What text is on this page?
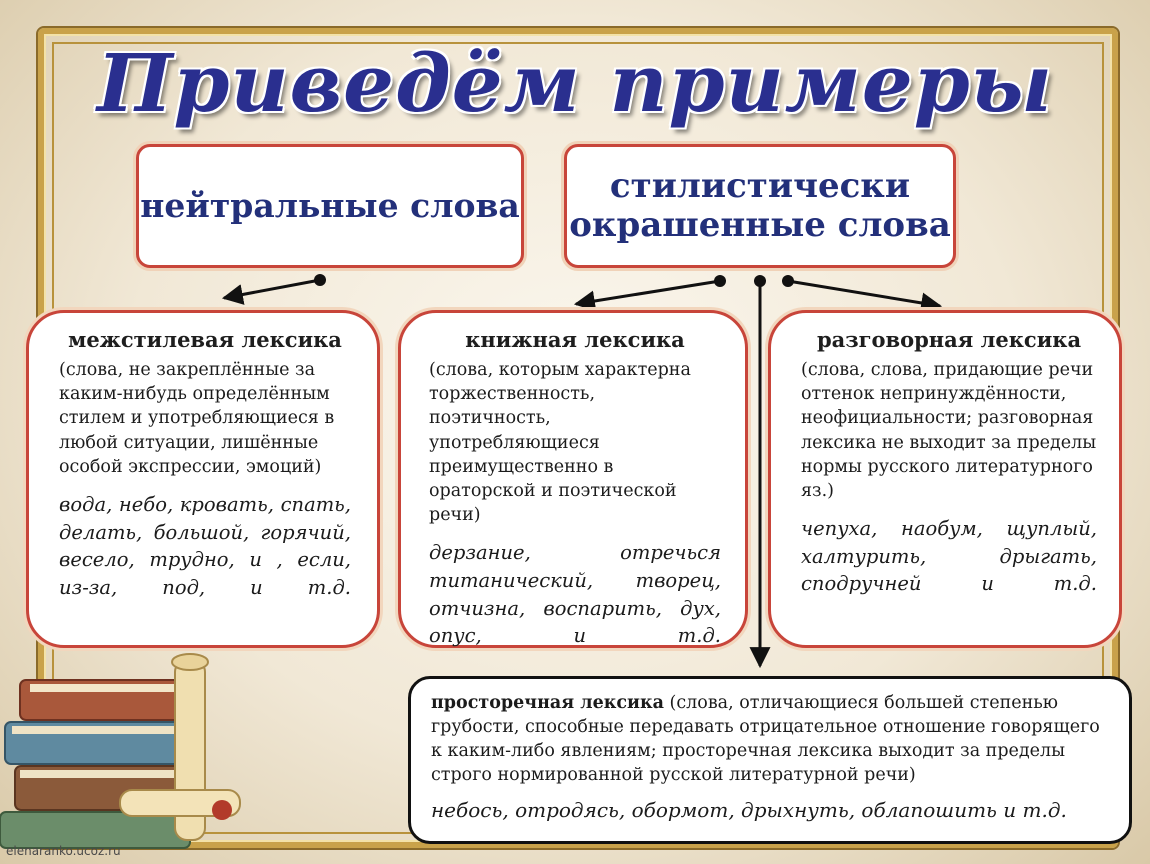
Приведём примеры
нейтральные слова	стилистически окрашенные слова
межстилевая лексика
(слова, не закреплённые за каким-нибудь определённым стилем и употребляющиеся в любой ситуации, лишённые особой экспрессии, эмоций)
вода, небо, кровать, спать, делать, большой, горячий, весело, трудно, и , если, из-за, под, и т.д.
книжная лексика
(слова, которым характерна торжественность, поэтичность, употребляющиеся преимущественно в ораторской и поэтической речи)
дерзание, отречься титанический, творец, отчизна, воспарить, дух, опус, и т.д.
разговорная лексика
(слова, слова, придающие речи оттенок непринуждённости, неофициальности; разговорная лексика не выходит за пределы нормы русского литературного яз.)
чепуха, наобум, щуплый, халтурить, дрыгать, сподручней и т.д.
просторечная лексика (слова, отличающиеся большей степенью грубости, способные передавать отрицательное отношение говорящего к каким-либо явлениям; просторечная лексика выходит за пределы строго нормированной русской литературной речи)
небось, отродясь, обормот, дрыхнуть, облапошить и т.д.
elenaranko.ucoz.ru
